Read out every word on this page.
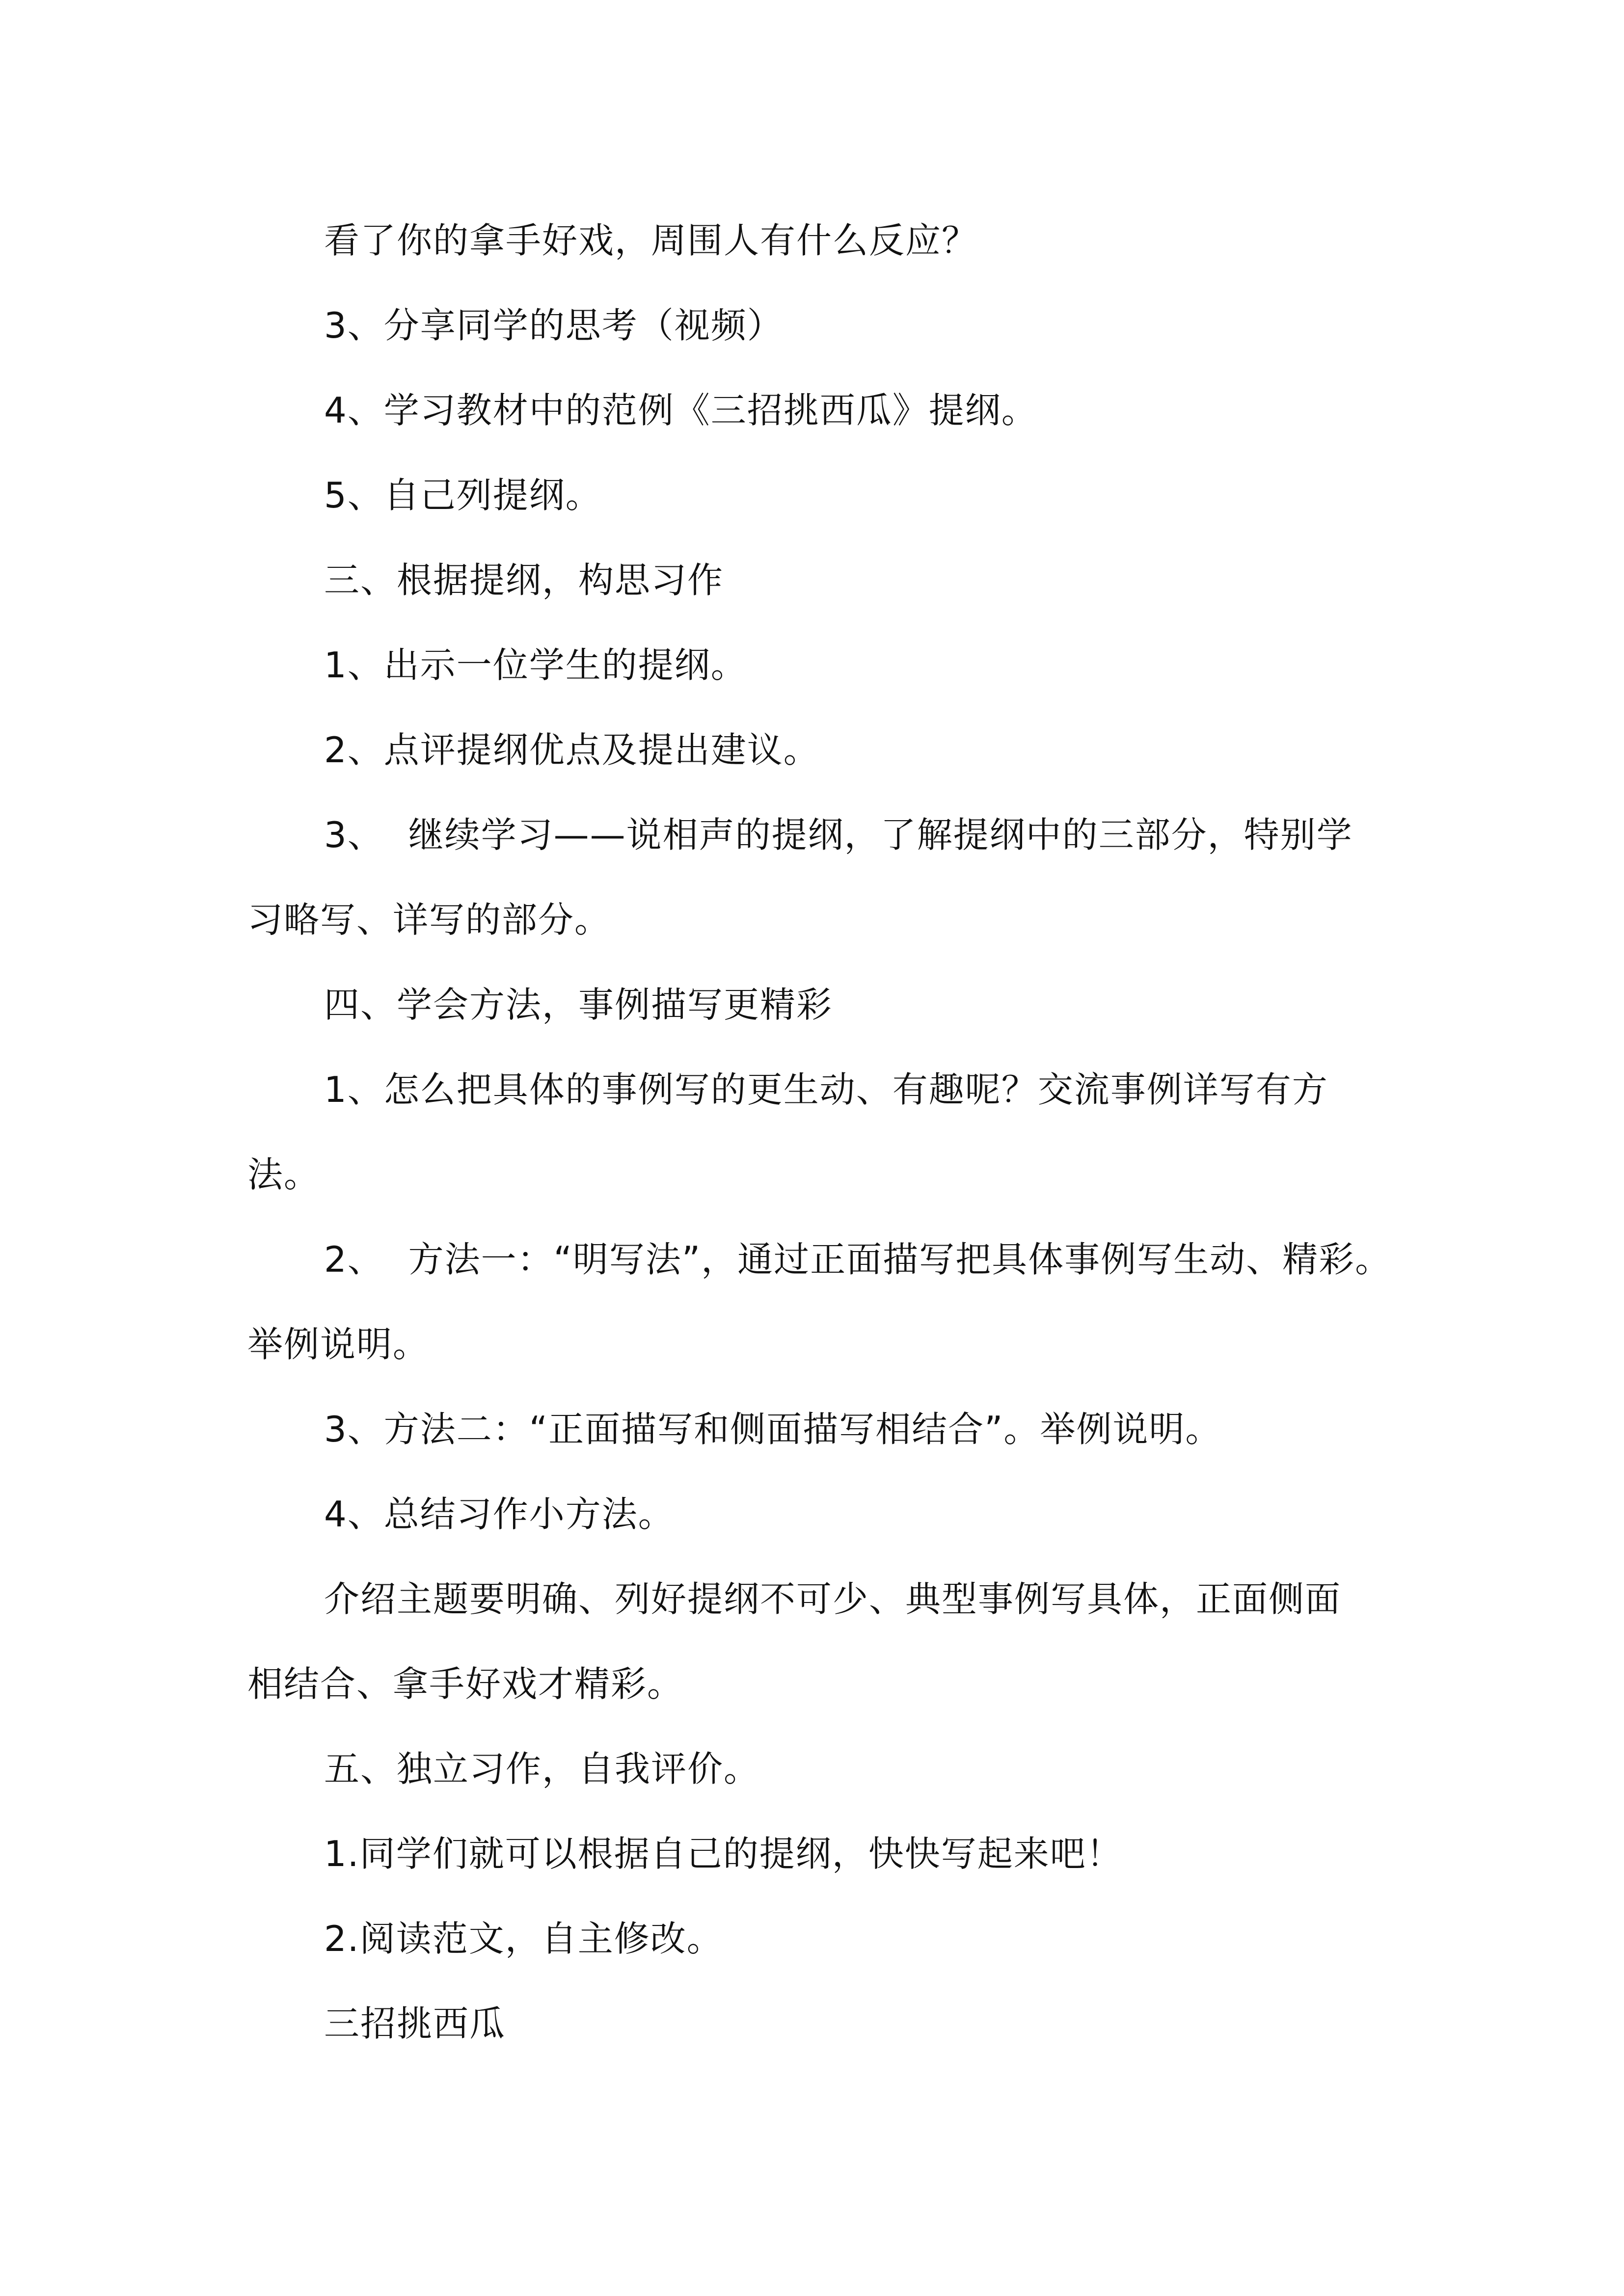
看了你的拿手好戏，周围人有什么反应？
3、分享同学的思考（视频）
4、学习教材中的范例《三招挑西瓜》提纲。
5、自己列提纲。
三、根据提纲，构思习作
1、出示一位学生的提纲。
2、点评提纲优点及提出建议。
3、  继续学习——说相声的提纲，了解提纲中的三部分，特别学
习略写、详写的部分。
四、学会方法，事例描写更精彩
1、怎么把具体的事例写的更生动、有趣呢？交流事例详写有方
法。
2、  方法一：“明写法”，通过正面描写把具体事例写生动、精彩。
举例说明。
3、方法二：“正面描写和侧面描写相结合”。举例说明。
4、总结习作小方法。
介绍主题要明确、列好提纲不可少、典型事例写具体，正面侧面
相结合、拿手好戏才精彩。
五、独立习作，自我评价。
1.同学们就可以根据自己的提纲，快快写起来吧！
2.阅读范文，自主修改。
三招挑西瓜
